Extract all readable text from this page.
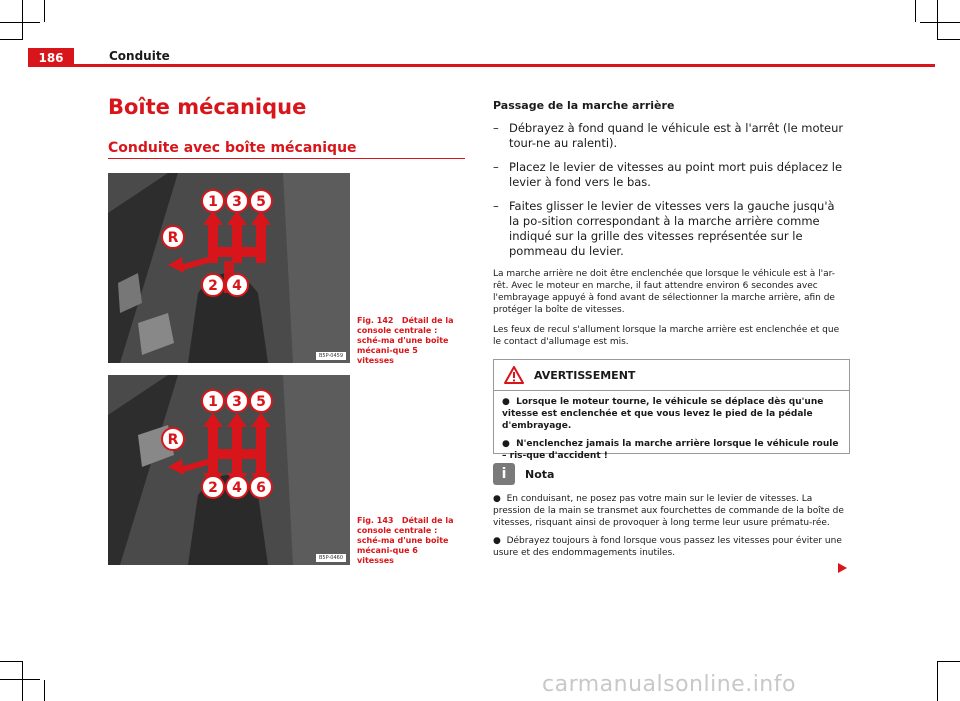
186	Conduite
Boîte mécanique
Conduite avec boîte mécanique
1 3 5
R
2 4
B5P-0459
Fig. 142 Détail de la console centrale : sché-ma d'une boîte mécani-que 5 vitesses
1 3 5
R
2 4 6
B5P-0460
Fig. 143 Détail de la console centrale : sché-ma d'une boîte mécani-que 6 vitesses
Passage de la marche arrière
– Débrayez à fond quand le véhicule est à l'arrêt (le moteur tour-ne au ralenti).
– Placez le levier de vitesses au point mort puis déplacez le levier à fond vers le bas.
– Faites glisser le levier de vitesses vers la gauche jusqu'à la po-sition correspondant à la marche arrière comme indiqué sur la grille des vitesses représentée sur le pommeau du levier.

La marche arrière ne doit être enclenchée que lorsque le véhicule est à l'ar-rêt. Avec le moteur en marche, il faut attendre environ 6 secondes avec l'embrayage appuyé à fond avant de sélectionner la marche arrière, afin de protéger la boîte de vitesses.

Les feux de recul s'allument lorsque la marche arrière est enclenchée et que le contact d'allumage est mis.

AVERTISSEMENT
● Lorsque le moteur tourne, le véhicule se déplace dès qu'une vitesse est enclenchée et que vous levez le pied de la pédale d'embrayage.
● N'enclenchez jamais la marche arrière lorsque le véhicule roule – ris-que d'accident !
i	Nota
● En conduisant, ne posez pas votre main sur le levier de vitesses. La pression de la main se transmet aux fourchettes de commande de la boîte de vitesses, risquant ainsi de provoquer à long terme leur usure prématu-rée.
● Débrayez toujours à fond lorsque vous passez les vitesses pour éviter une usure et des endommagements inutiles.
carmanualsonline.info
